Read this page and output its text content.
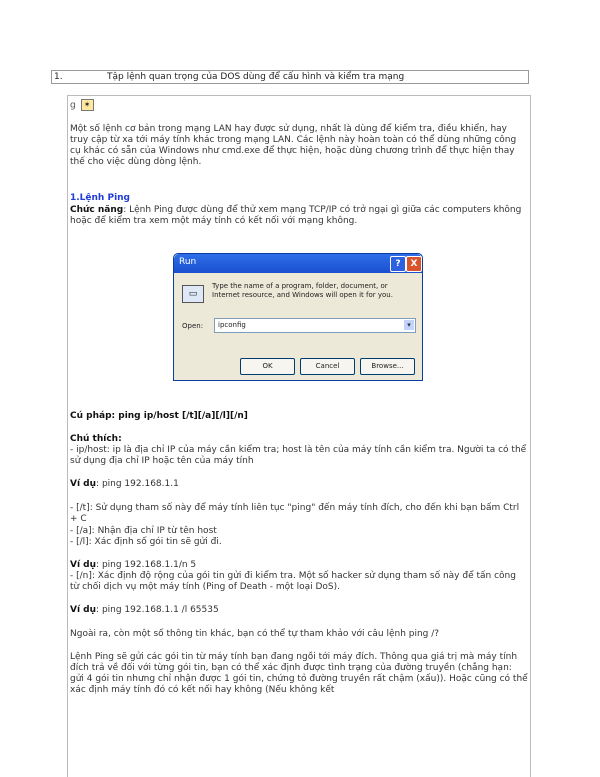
1.	Tập lệnh quan trọng của DOS dùng để cấu hình và kiểm tra mạng
g ✶
Một số lệnh cơ bản trong mạng LAN hay được sử dụng, nhất là dùng để kiểm tra, điều khiển, hay truy cập từ xa tới máy tính khác trong mạng LAN. Các lệnh này hoàn toàn có thể dùng những công cụ khác có sẵn của Windows như cmd.exe để thực hiện, hoặc dùng chương trình để thực hiện thay thế cho việc dùng dòng lệnh.
1.Lệnh Ping
Chức năng: Lệnh Ping được dùng để thử xem mạng TCP/IP có trở ngại gì giữa các computers không hoặc để kiểm tra xem một máy tính có kết nối với mạng không.
Cú pháp: ping ip/host [/t][/a][/l][/n]
Chú thích:
- ip/host: ip là địa chỉ IP của máy cần kiểm tra; host là tên của máy tính cần kiểm tra. Người ta có thể sử dụng địa chỉ IP hoặc tên của máy tính
Ví dụ: ping 192.168.1.1
- [/t]: Sử dụng tham số này để máy tính liên tục "ping" đến máy tính đích, cho đến khi bạn bấm Ctrl + C
- [/a]: Nhận địa chỉ IP từ tên host
- [/l]: Xác định số gói tin sẽ gửi đi.
Ví dụ: ping 192.168.1.1/n 5
- [/n]: Xác định độ rộng của gói tin gửi đi kiểm tra. Một số hacker sử dụng tham số này để tấn công từ chối dịch vụ một máy tính (Ping of Death - một loại DoS).
Ví dụ: ping 192.168.1.1 /l 65535
Ngoài ra, còn một số thông tin khác, bạn có thể tự tham khảo với câu lệnh ping /?
Lệnh Ping sẽ gửi các gói tin từ máy tính bạn đang ngồi tới máy đích. Thông qua giá trị mà máy tính đích trả về đối với từng gói tin, bạn có thể xác định được tình trạng của đường truyền (chẳng hạn: gửi 4 gói tin nhưng chỉ nhận được 1 gói tin, chứng tỏ đường truyền rất chậm (xấu)). Hoặc cũng có thể xác định máy tính đó có kết nối hay không (Nếu không kết
Run	?	X
▭
Type the name of a program, folder, document, or Internet resource, and Windows will open it for you.
Open: ipconfig	▾
OK	Cancel	Browse...
